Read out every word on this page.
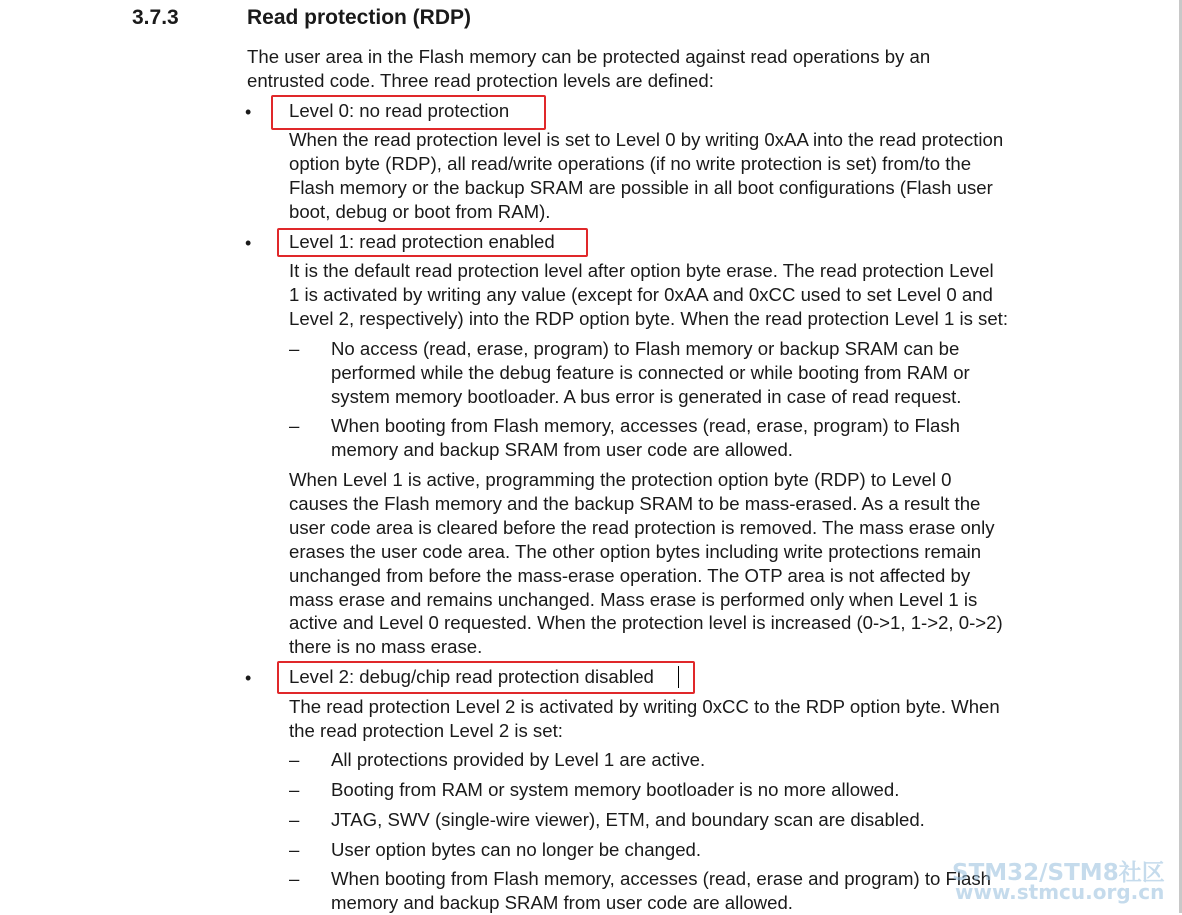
3.7.3	Read protection (RDP)
The user area in the Flash memory can be protected against read operations by an
entrusted code. Three read protection levels are defined:
• Level 0: no read protection
When the read protection level is set to Level 0 by writing 0xAA into the read protection
option byte (RDP), all read/write operations (if no write protection is set) from/to the
Flash memory or the backup SRAM are possible in all boot configurations (Flash user
boot, debug or boot from RAM).
• Level 1: read protection enabled
It is the default read protection level after option byte erase. The read protection Level
1 is activated by writing any value (except for 0xAA and 0xCC used to set Level 0 and
Level 2, respectively) into the RDP option byte. When the read protection Level 1 is set:
– No access (read, erase, program) to Flash memory or backup SRAM can be
performed while the debug feature is connected or while booting from RAM or
system memory bootloader. A bus error is generated in case of read request.
– When booting from Flash memory, accesses (read, erase, program) to Flash
memory and backup SRAM from user code are allowed.
When Level 1 is active, programming the protection option byte (RDP) to Level 0
causes the Flash memory and the backup SRAM to be mass-erased. As a result the
user code area is cleared before the read protection is removed. The mass erase only
erases the user code area. The other option bytes including write protections remain
unchanged from before the mass-erase operation. The OTP area is not affected by
mass erase and remains unchanged. Mass erase is performed only when Level 1 is
active and Level 0 requested. When the protection level is increased (0->1, 1->2, 0->2)
there is no mass erase.
• Level 2: debug/chip read protection disabled
The read protection Level 2 is activated by writing 0xCC to the RDP option byte. When
the read protection Level 2 is set:
– All protections provided by Level 1 are active.
– Booting from RAM or system memory bootloader is no more allowed.
– JTAG, SWV (single-wire viewer), ETM, and boundary scan are disabled.
– User option bytes can no longer be changed.
– When booting from Flash memory, accesses (read, erase and program) to Flash
memory and backup SRAM from user code are allowed.
STM32/STM8社区
www.stmcu.org.cn
